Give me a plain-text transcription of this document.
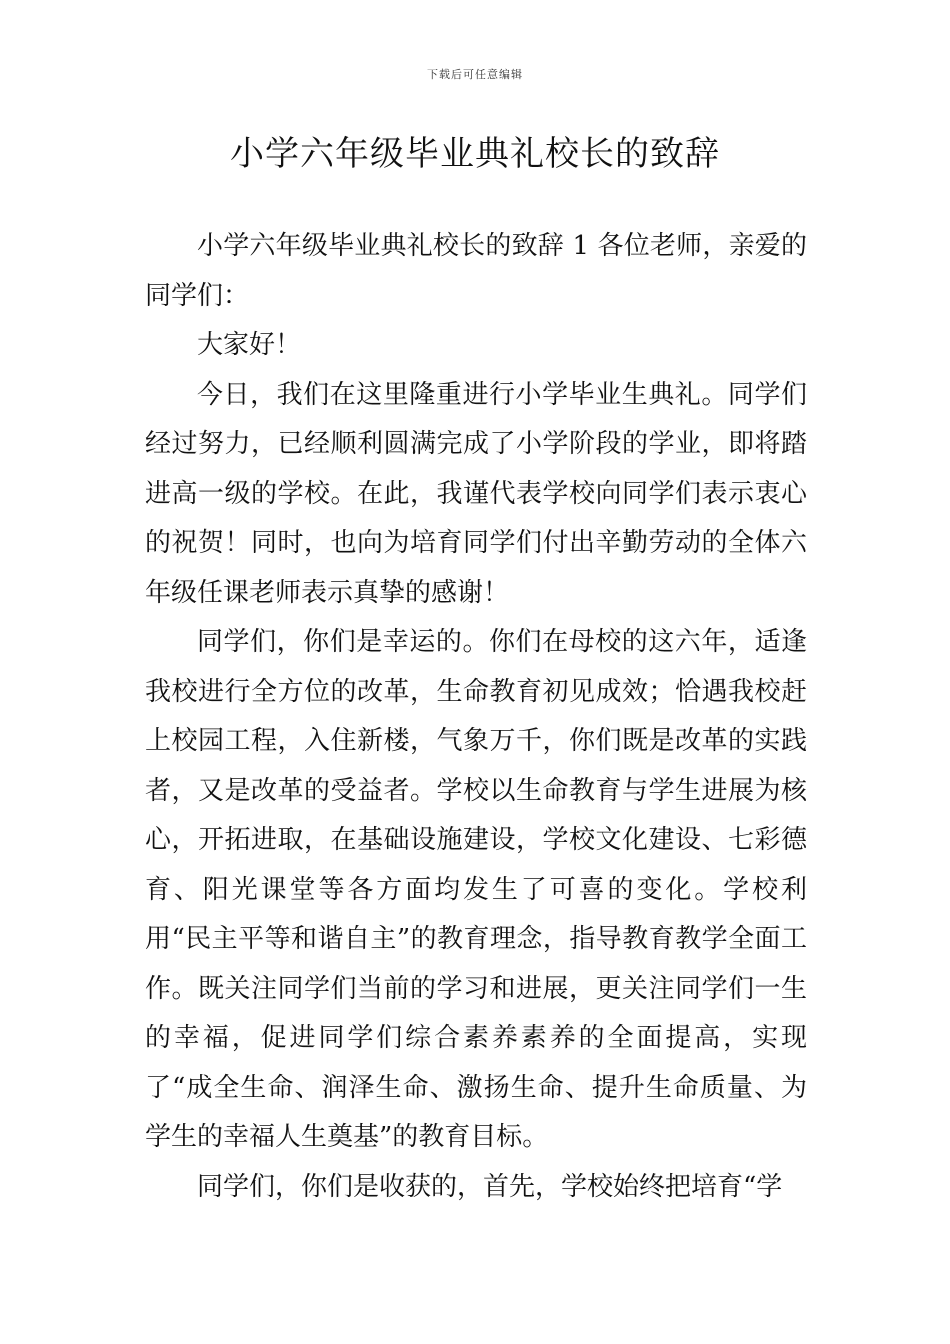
下载后可任意编辑
小学六年级毕业典礼校长的致辞

小学六年级毕业典礼校长的致辞 1 各位老师，亲爱的同学们：

大家好！

今日，我们在这里隆重进行小学毕业生典礼。同学们经过努力，已经顺利圆满完成了小学阶段的学业，即将踏进高一级的学校。在此，我谨代表学校向同学们表示衷心的祝贺！同时，也向为培育同学们付出辛勤劳动的全体六年级任课老师表示真挚的感谢！

同学们，你们是幸运的。你们在母校的这六年，适逢我校进行全方位的改革，生命教育初见成效；恰遇我校赶上校园工程，入住新楼，气象万千，你们既是改革的实践者，又是改革的受益者。学校以生命教育与学生进展为核心，开拓进取，在基础设施建设，学校文化建设、七彩德育、阳光课堂等各方面均发生了可喜的变化。学校利用“民主平等和谐自主”的教育理念，指导教育教学全面工作。既关注同学们当前的学习和进展，更关注同学们一生的幸福，促进同学们综合素养素养的全面提高，实现了“成全生命、润泽生命、激扬生命、提升生命质量、为学生的幸福人生奠基”的教育目标。

同学们，你们是收获的，首先，学校始终把培育“学
